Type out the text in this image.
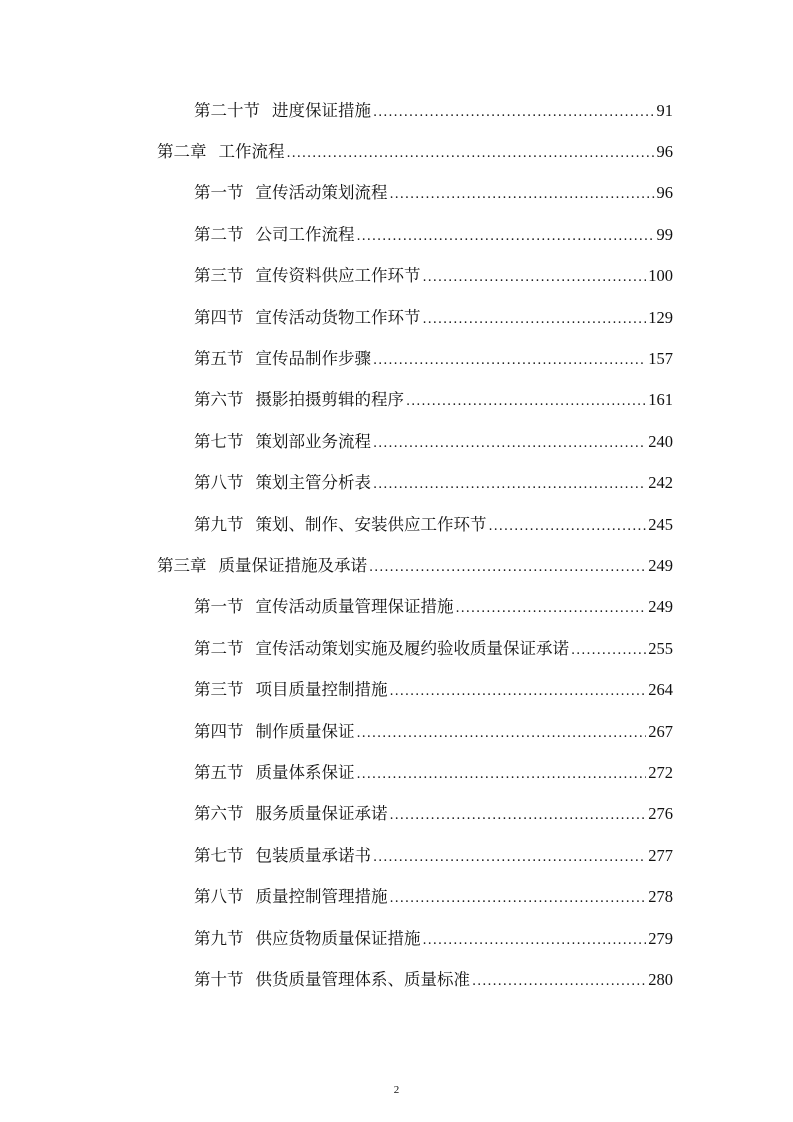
第二十节 进度保证措施 .....	91
第二章 工作流程 .....	96
第一节 宣传活动策划流程 .....	96
第二节 公司工作流程 .....	99
第三节 宣传资料供应工作环节 .....	100
第四节 宣传活动货物工作环节 .....	129
第五节 宣传品制作步骤 .....	157
第六节 摄影拍摄剪辑的程序 .....	161
第七节 策划部业务流程 .....	240
第八节 策划主管分析表 .....	242
第九节 策划、制作、安装供应工作环节 .....	245
第三章 质量保证措施及承诺 .....	249
第一节 宣传活动质量管理保证措施 .....	249
第二节 宣传活动策划实施及履约验收质量保证承诺 .....	255
第三节 项目质量控制措施 .....	264
第四节 制作质量保证 .....	267
第五节 质量体系保证 .....	272
第六节 服务质量保证承诺 .....	276
第七节 包装质量承诺书 .....	277
第八节 质量控制管理措施 .....	278
第九节 供应货物质量保证措施 .....	279
第十节 供货质量管理体系、质量标准 .....	280
2
